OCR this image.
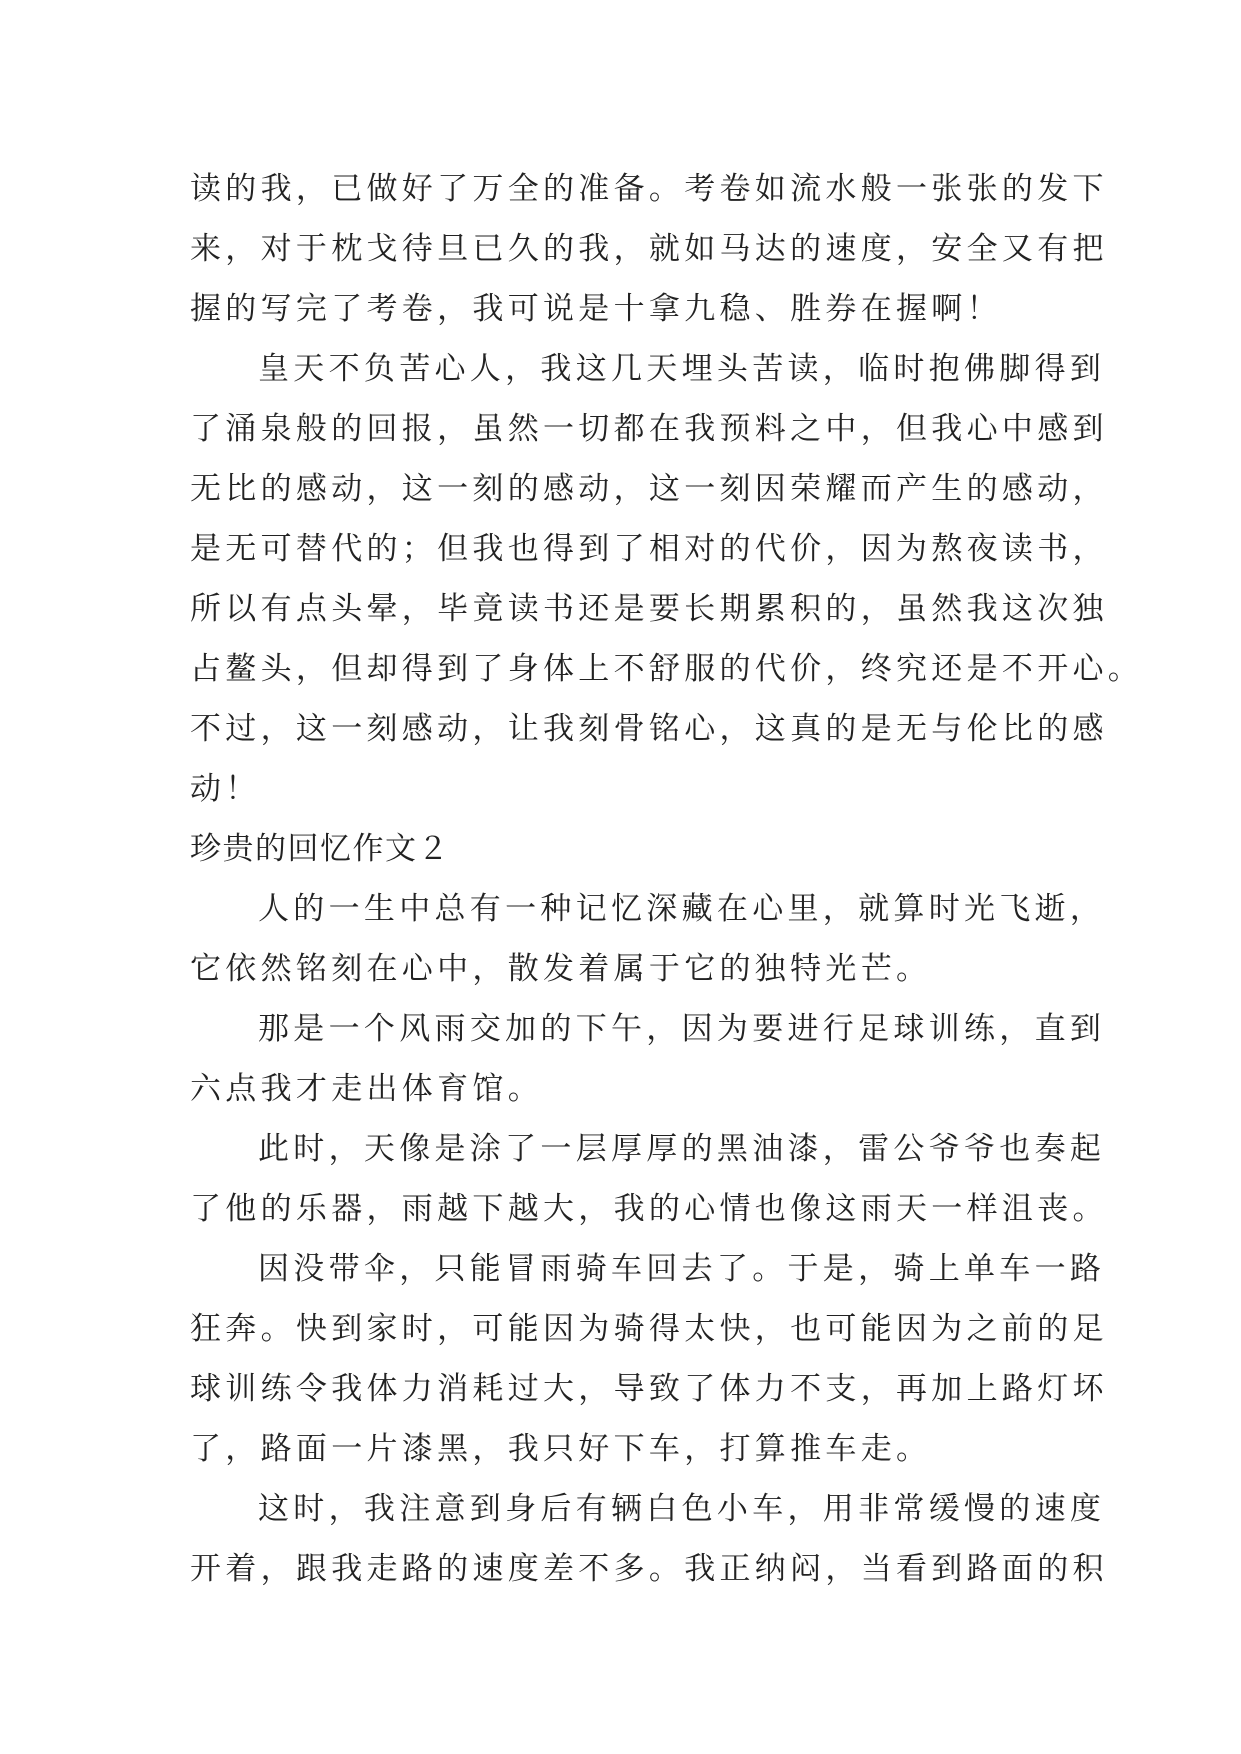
读的我，已做好了万全的准备。考卷如流水般一张张的发下
来，对于枕戈待旦已久的我，就如马达的速度，安全又有把
握的写完了考卷，我可说是十拿九稳、胜券在握啊！
皇天不负苦心人，我这几天埋头苦读，临时抱佛脚得到
了涌泉般的回报，虽然一切都在我预料之中，但我心中感到
无比的感动，这一刻的感动，这一刻因荣耀而产生的感动，
是无可替代的；但我也得到了相对的代价，因为熬夜读书，
所以有点头晕，毕竟读书还是要长期累积的，虽然我这次独
占鳌头，但却得到了身体上不舒服的代价，终究还是不开心。
不过，这一刻感动，让我刻骨铭心，这真的是无与伦比的感
动！
珍贵的回忆作文２
人的一生中总有一种记忆深藏在心里，就算时光飞逝，
它依然铭刻在心中，散发着属于它的独特光芒。
那是一个风雨交加的下午，因为要进行足球训练，直到
六点我才走出体育馆。
此时，天像是涂了一层厚厚的黑油漆，雷公爷爷也奏起
了他的乐器，雨越下越大，我的心情也像这雨天一样沮丧。
因没带伞，只能冒雨骑车回去了。于是，骑上单车一路
狂奔。快到家时，可能因为骑得太快，也可能因为之前的足
球训练令我体力消耗过大，导致了体力不支，再加上路灯坏
了，路面一片漆黑，我只好下车，打算推车走。
这时，我注意到身后有辆白色小车，用非常缓慢的速度
开着，跟我走路的速度差不多。我正纳闷，当看到路面的积
